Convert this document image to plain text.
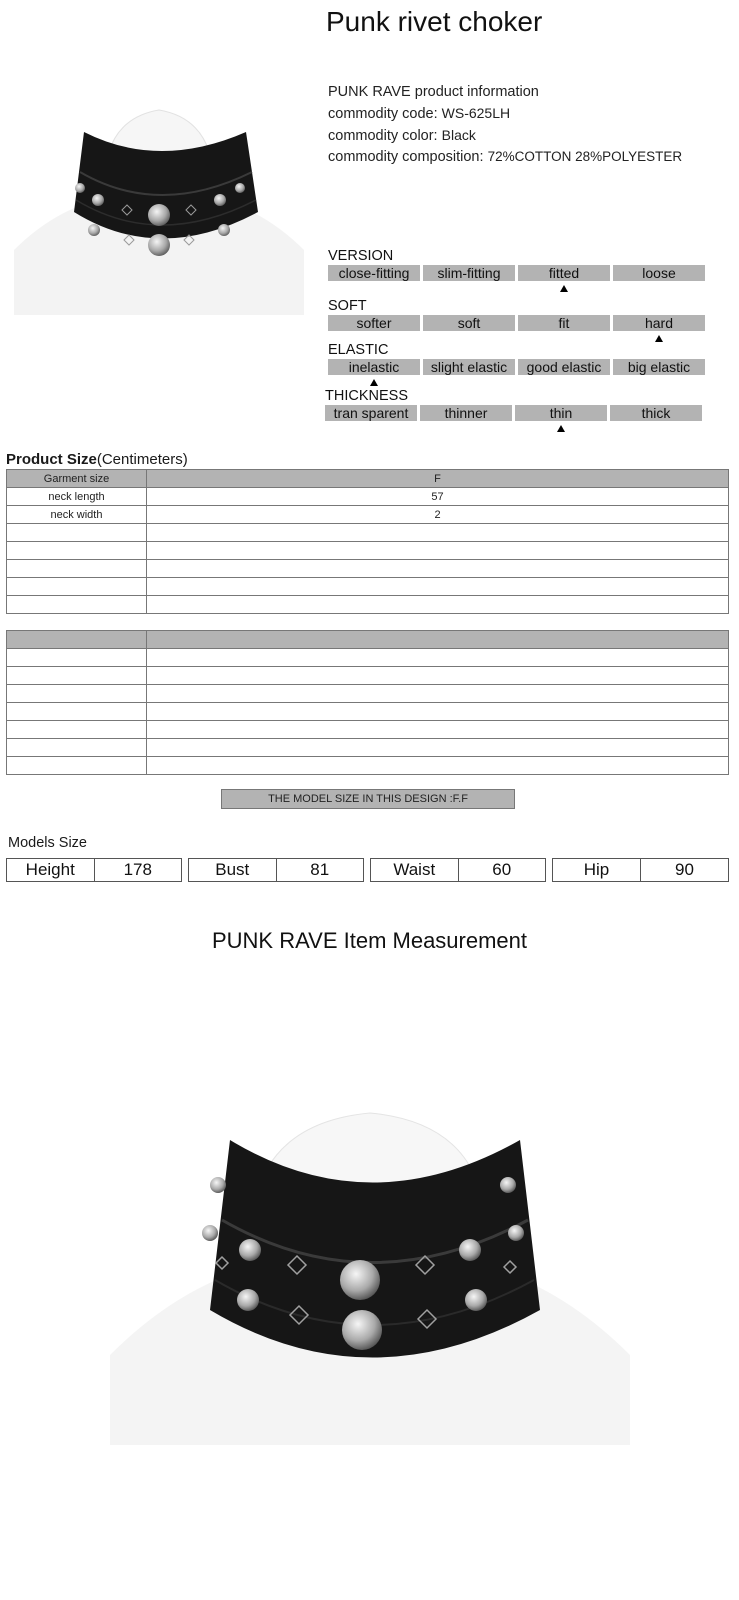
Punk rivet choker
PUNK RAVE product information
commodity code: WS-625LH
commodity color: Black
commodity composition: 72%COTTON 28%POLYESTER
VERSION
close-fitting	slim-fitting	fitted	loose
SOFT
softer	soft	fit	hard
ELASTIC
inelastic	slight elastic	good elastic	big elastic
THICKNESS
tran sparent	thinner	thin	thick
Product Size(Centimeters)
Garment size	F
neck length	57
neck width	2

THE MODEL SIZE IN THIS DESIGN :F.F
Models Size
Height	178	Bust	81	Waist	60	Hip	90
PUNK RAVE Item Measurement
